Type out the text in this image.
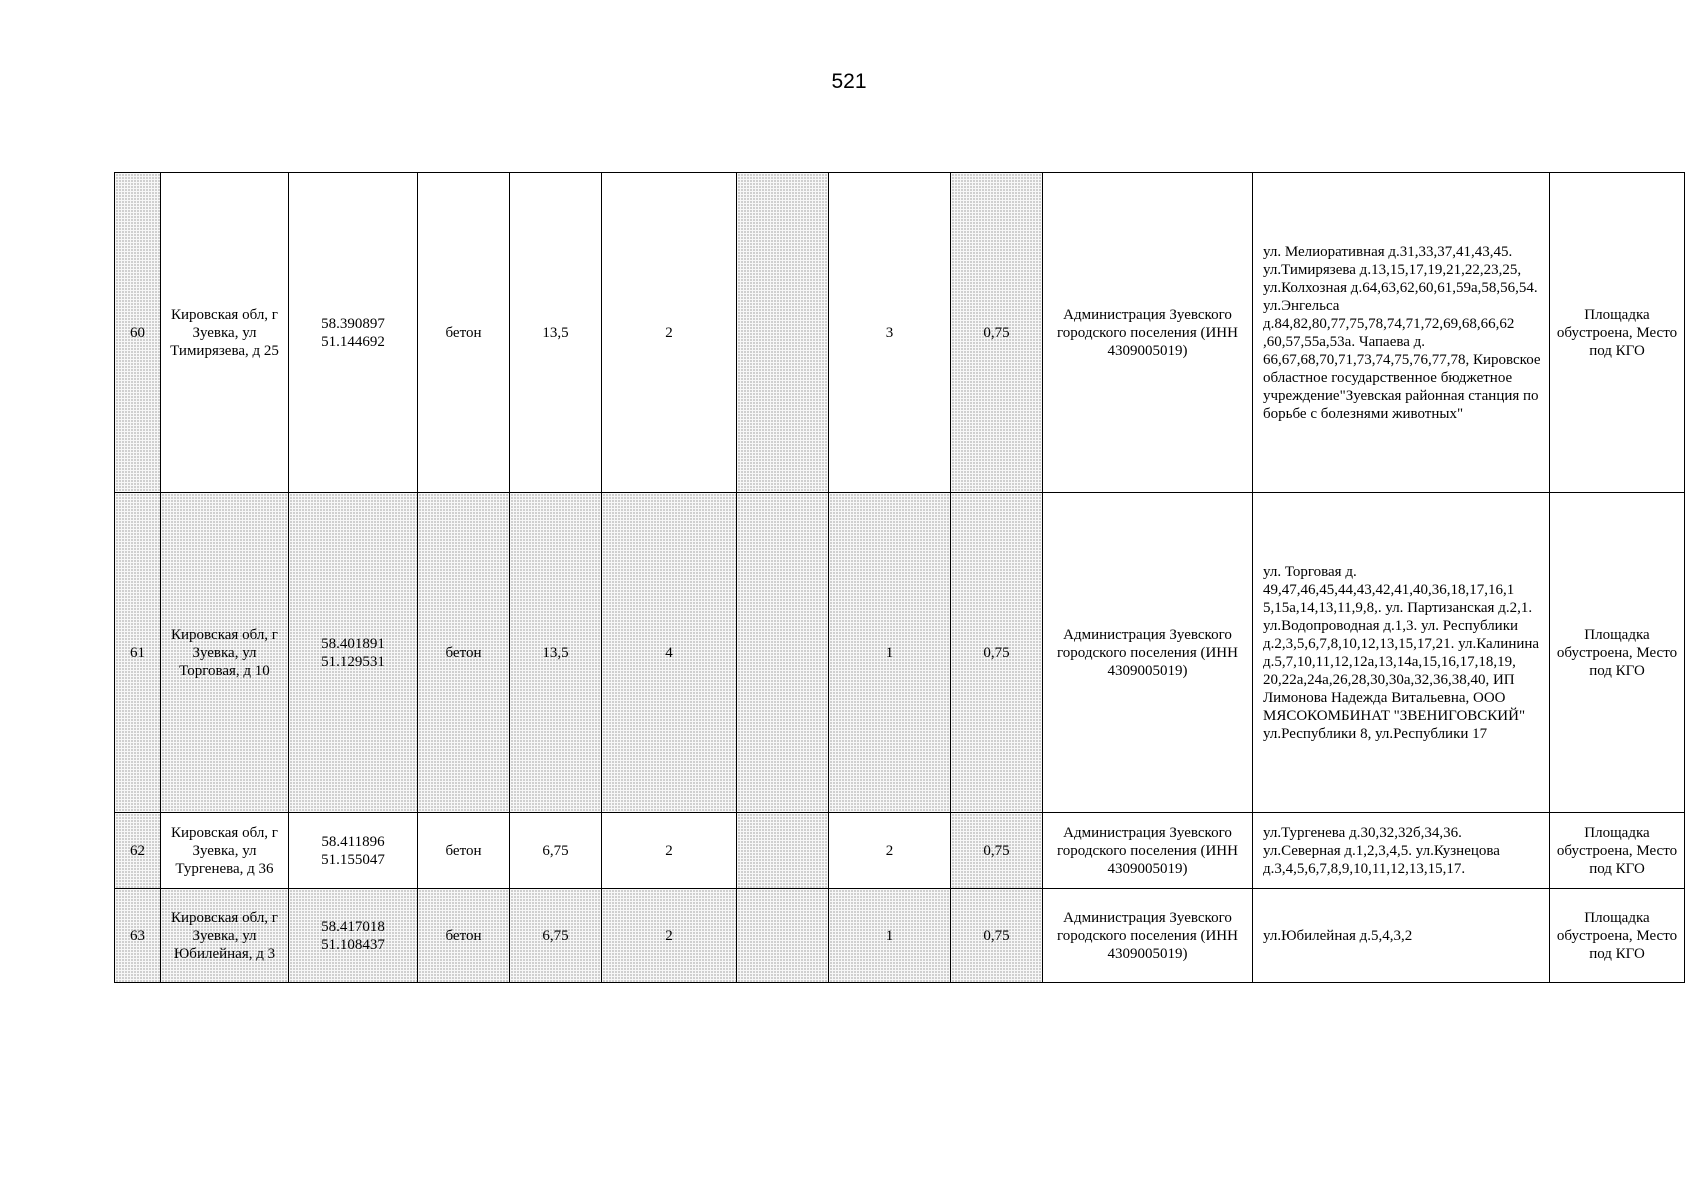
521
60	Кировская обл, г Зуевка, ул Тимирязева, д 25	58.390897 51.144692	бетон	13,5	2		3	0,75	Администрация Зуевского городского поселения (ИНН 4309005019)	ул. Мелиоративная д.31,33,37,41,43,45. ул.Тимирязева д.13,15,17,19,21,22,23,25, ул.Колхозная д.64,63,62,60,61,59а,58,56,54. ул.Энгельса д.84,82,80,77,75,78,74,71,72,69,68,66,62 ,60,57,55а,53а. Чапаева д. 66,67,68,70,71,73,74,75,76,77,78, Кировское областное государственное бюджетное учреждение"Зуевская районная станция по борьбе с болезнями животных"	Площадка обустроена, Место под КГО
61	Кировская обл, г Зуевка, ул Торговая, д 10	58.401891 51.129531	бетон	13,5	4		1	0,75	Администрация Зуевского городского поселения (ИНН 4309005019)	ул. Торговая д. 49,47,46,45,44,43,42,41,40,36,18,17,16,1 5,15а,14,13,11,9,8,. ул. Партизанская д.2,1. ул.Водопроводная д.1,3. ул. Республики д.2,3,5,6,7,8,10,12,13,15,17,21. ул.Калинина д.5,7,10,11,12,12а,13,14а,15,16,17,18,19, 20,22а,24а,26,28,30,30а,32,36,38,40, ИП Лимонова Надежда Витальевна, ООО МЯСОКОМБИНАТ "ЗВЕНИГОВСКИЙ" ул.Республики 8, ул.Республики 17	Площадка обустроена, Место под КГО
62	Кировская обл, г Зуевка, ул Тургенева, д 36	58.411896 51.155047	бетон	6,75	2		2	0,75	Администрация Зуевского городского поселения (ИНН 4309005019)	ул.Тургенева д.30,32,32б,34,36. ул.Северная д.1,2,3,4,5. ул.Кузнецова д.3,4,5,6,7,8,9,10,11,12,13,15,17.	Площадка обустроена, Место под КГО
63	Кировская обл, г Зуевка, ул Юбилейная, д 3	58.417018 51.108437	бетон	6,75	2		1	0,75	Администрация Зуевского городского поселения (ИНН 4309005019)	ул.Юбилейная д.5,4,3,2	Площадка обустроена, Место под КГО
